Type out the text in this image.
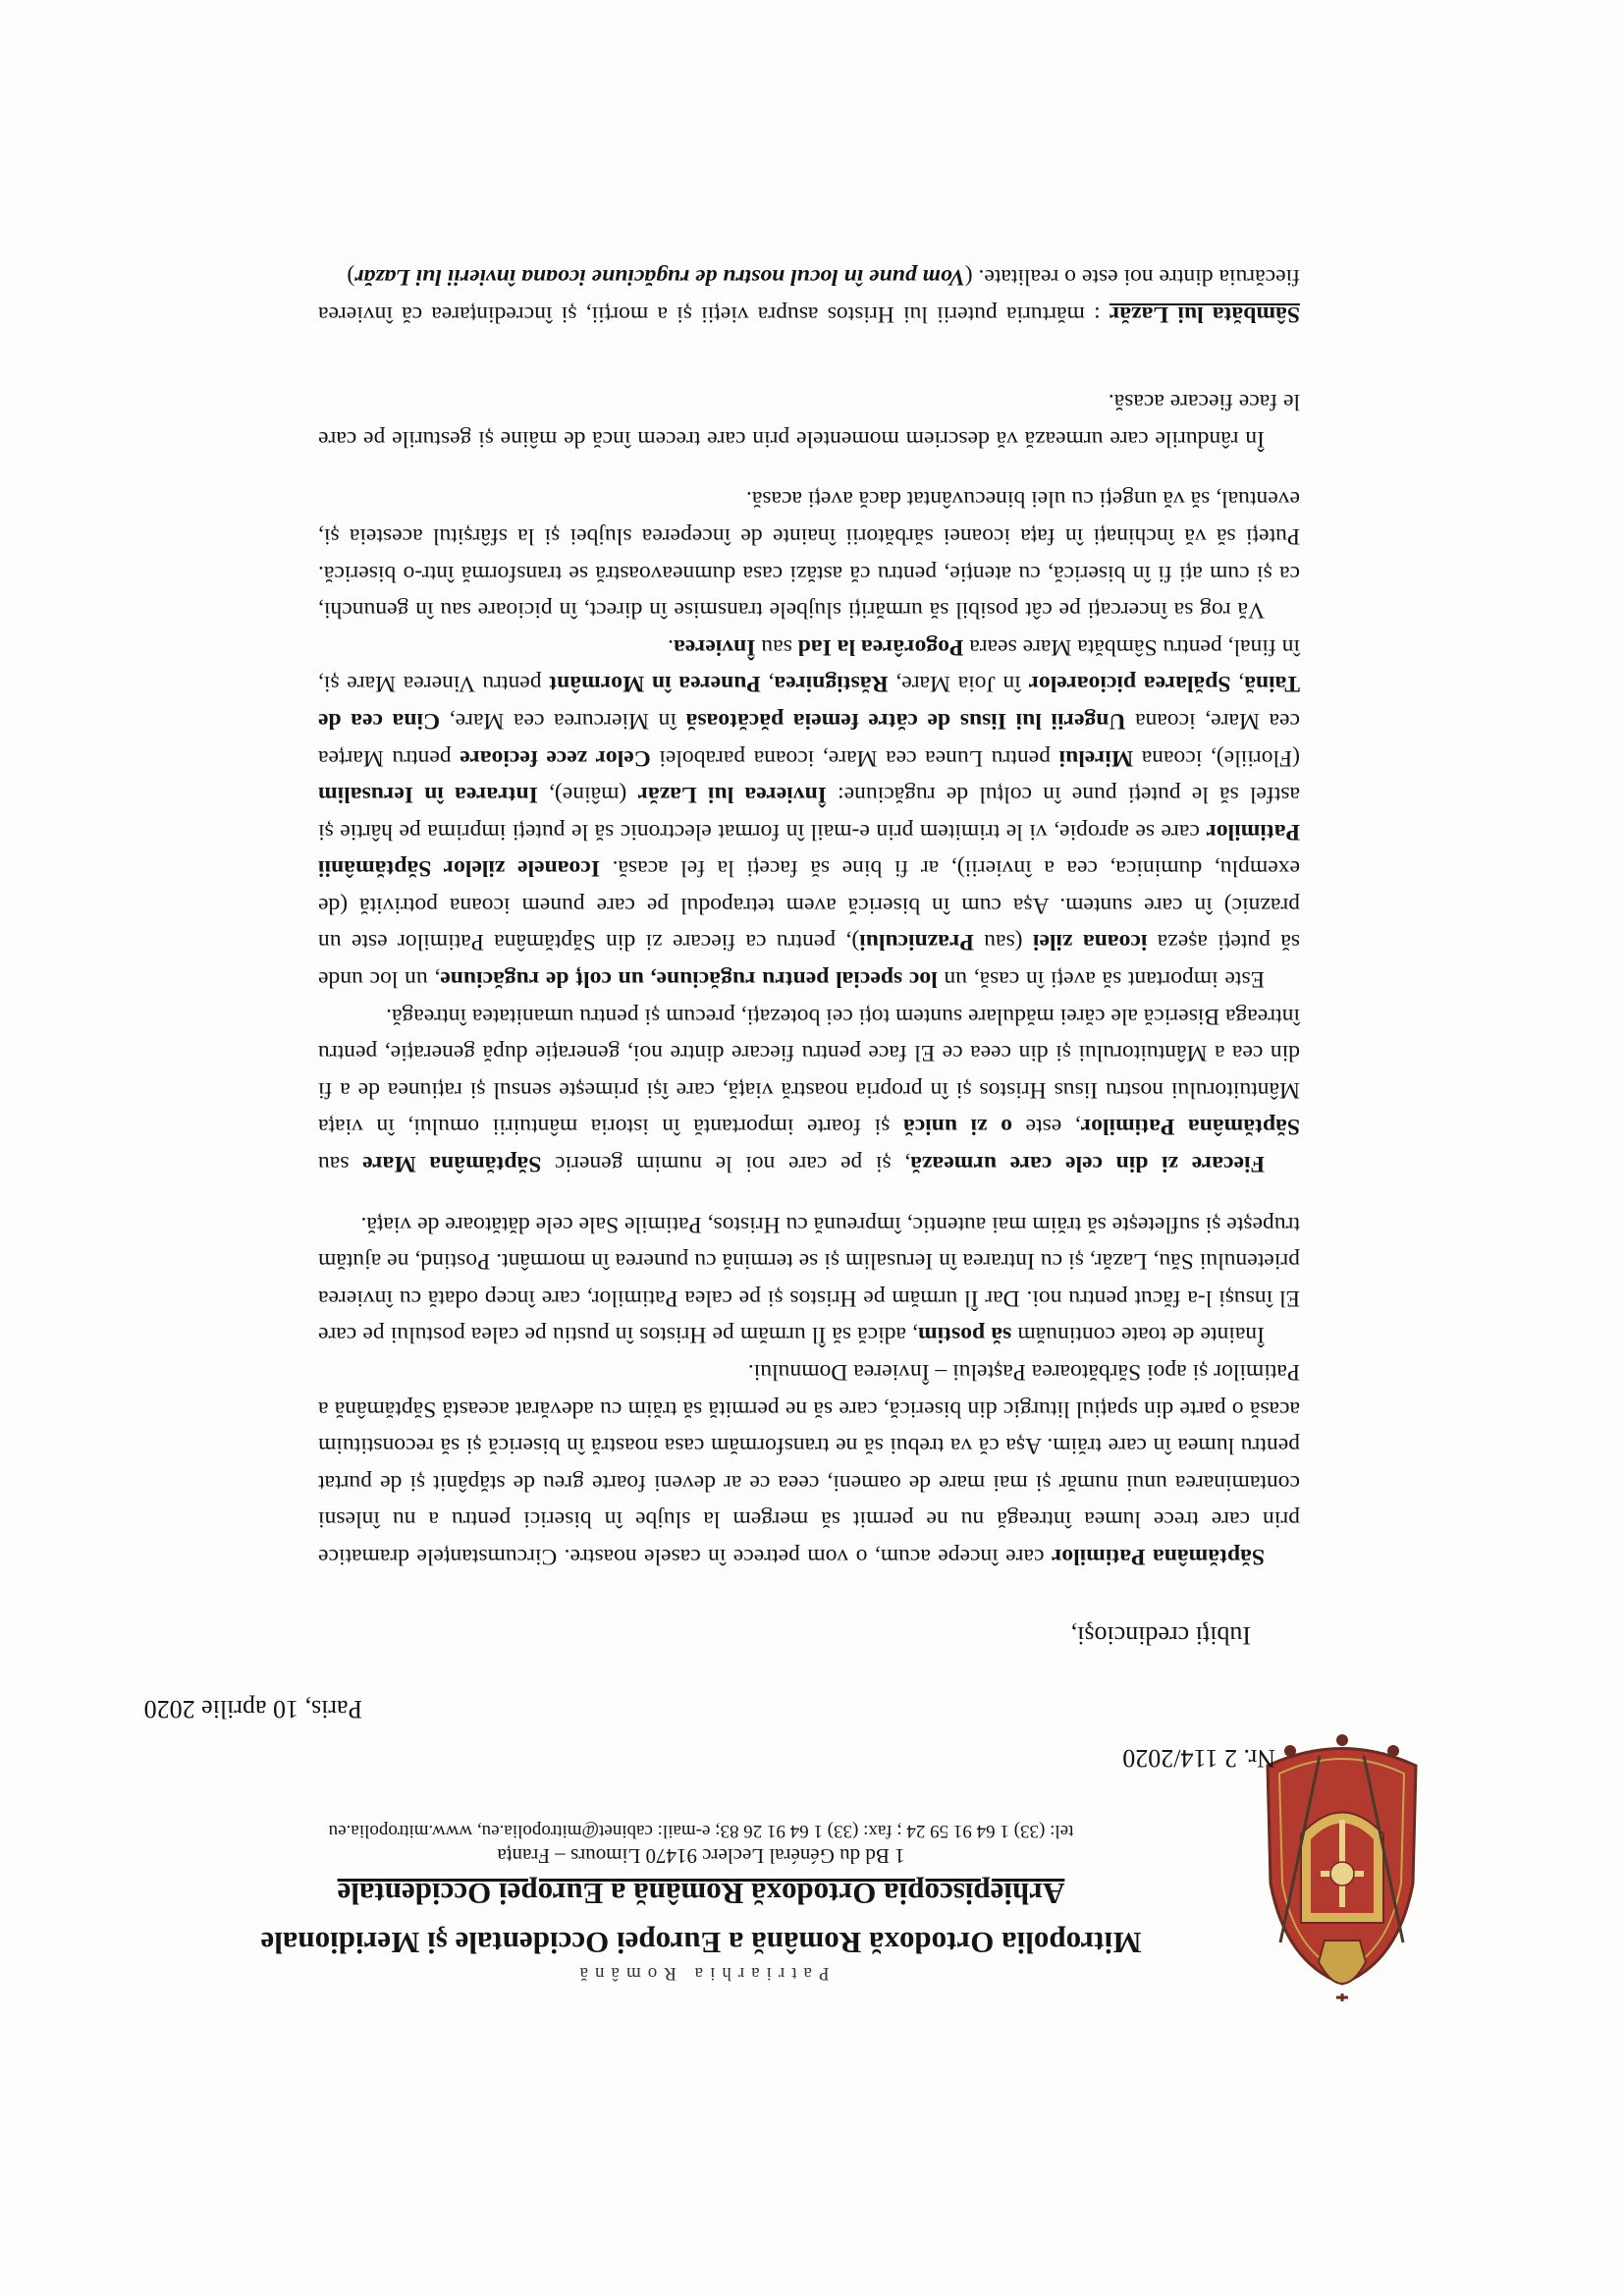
Patriarhia Română
Mitropolia Ortodoxă Română a Europei Occidentale şi Meridionale
Arhiepiscopia Ortodoxă Română a Europei Occidentale
1 Bd du Général Leclerc 91470 Limours – Franța
tel: (33) 1 64 91 59 24 ; fax: (33) 1 64 91 26 83; e-mail: cabinet@mitropolia.eu, www.mitropolia.eu
Nr. 2 114/2020
Paris, 10 aprilie 2020
Iubiţi credincioşi,

Săptămâna Patimilor care începe acum, o vom petrece în casele noastre. Circumstanțele dramatice prin care trece lumea întreagă nu ne permit să mergem la slujbe în biserici pentru a nu înlesni contaminarea unui număr și mai mare de oameni, ceea ce ar deveni foarte greu de stăpânit și de purtat pentru lumea în care trăim. Așa că va trebui să ne transformăm casa noastră în biserică și să reconstituim acasă o parte din spațiul liturgic din biserică, care să ne permită să trăim cu adevărat această Săptămână a Patimilor și apoi Sărbătoarea Paștelui – Învierea Domnului.

Înainte de toate continuăm să postim, adică să Îl urmăm pe Hristos în pustiu pe calea postului pe care El însuși l-a făcut pentru noi. Dar Îl urmăm pe Hristos și pe calea Patimilor, care încep odată cu învierea prietenului Său, Lazăr, și cu Intrarea în Ierusalim și se termină cu punerea în mormânt. Postind, ne ajutăm trupește și sufletește să trăim mai autentic, împreună cu Hristos, Patimile Sale cele dătătoare de viață.

Fiecare zi din cele care urmează, și pe care noi le numim generic Săptămâna Mare sau Săptămâna Patimilor, este o zi unică și foarte importantă în istoria mântuirii omului, în viața Mântuitorului nostru Iisus Hristos și în propria noastră viață, care își primește sensul și rațiunea de a fi din cea a Mântuitorului și din ceea ce El face pentru fiecare dintre noi, generație după generație, pentru întreaga Biserică ale cărei mădulare suntem toți cei botezați, precum și pentru umanitatea întreagă.

Este important să aveți în casă, un loc special pentru rugăciune, un colț de rugăciune, un loc unde să puteți așeza icoana zilei (sau Praznicului), pentru ca fiecare zi din Săptămâna Patimilor este un praznic) în care suntem. Așa cum în biserică avem tetrapodul pe care punem icoana potrivită (de exemplu, duminica, cea a învierii), ar fi bine să faceți la fel acasă. Icoanele zilelor Săptămânii Patimilor care se apropie, vi le trimitem prin e-mail în format electronic să le puteți imprima pe hârtie și astfel să le puteți pune în colțul de rugăciune: Învierea lui Lazăr (mâine), Intrarea în Ierusalim (Floriile), icoana Mirelui pentru Lunea cea Mare, icoana parabolei Celor zece fecioare pentru Marțea cea Mare, icoana Ungerii lui Iisus de către femeia păcătoasă în Miercurea cea Mare, Cina cea de Taină, Spălarea picioarelor în Joia Mare, Răstignirea, Punerea în Mormânt pentru Vinerea Mare și, în final, pentru Sâmbăta Mare seara Pogorârea la Iad sau Învierea.

Vă rog sa încercați pe cât posibil să urmăriți slujbele transmise în direct, în picioare sau în genunchi, ca și cum ați fi în biserică, cu atenție, pentru că astăzi casa dumneavoastră se transformă într-o biserică. Puteți să vă închinați în fața icoanei sărbătorii înainte de începerea slujbei și la sfârșitul acesteia și, eventual, să vă ungeți cu ulei binecuvântat dacă aveți acasă.

În rândurile care urmează vă descriem momentele prin care trecem încă de mâine și gesturile pe care le face fiecare acasă.

Sâmbăta lui Lazăr : mărturia puterii lui Hristos asupra vieții și a morții, și încredințarea că învierea fiecăruia dintre noi este o realitate. (Vom pune în locul nostru de rugăciune icoana învierii lui Lazăr)
